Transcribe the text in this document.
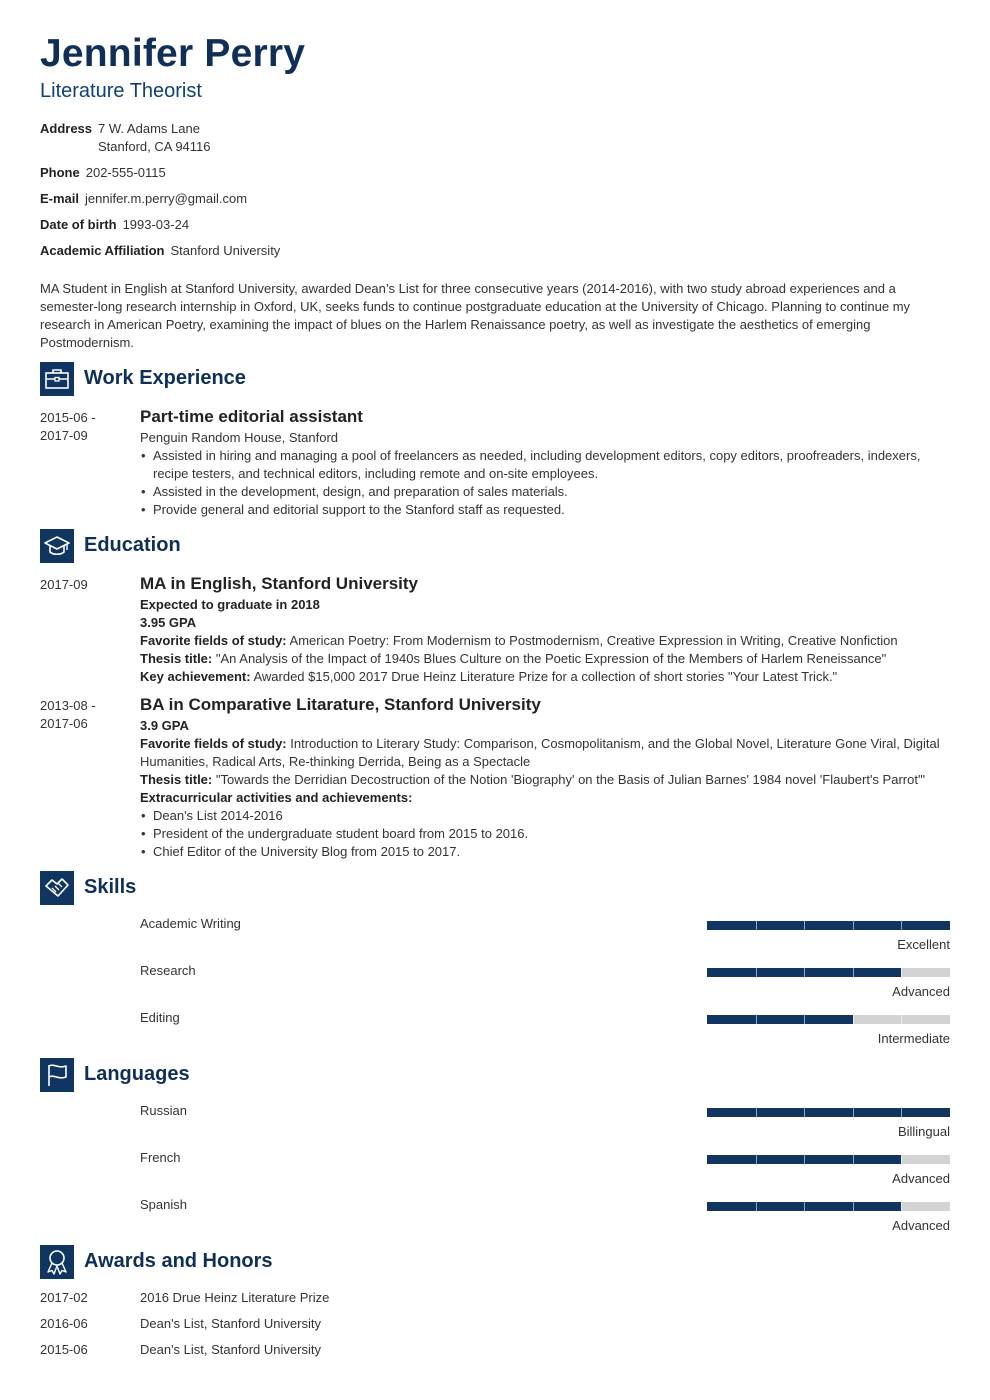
Jennifer Perry
Literature Theorist
Address 7 W. Adams Lane
Stanford, CA 94116
Phone 202-555-0115
E-mail jennifer.m.perry@gmail.com
Date of birth 1993-03-24
Academic Affiliation Stanford University
MA Student in English at Stanford University, awarded Dean’s List for three consecutive years (2014-2016), with two study abroad experiences and a semester-long research internship in Oxford, UK, seeks funds to continue postgraduate education at the University of Chicago. Planning to continue my research in American Poetry, examining the impact of blues on the Harlem Renaissance poetry, as well as investigate the aesthetics of emerging Postmodernism.
Work Experience
2015-06 -
2017-09
Part-time editorial assistant
Penguin Random House, Stanford
• Assisted in hiring and managing a pool of freelancers as needed, including development editors, copy editors, proofreaders, indexers, recipe testers, and technical editors, including remote and on-site employees.
• Assisted in the development, design, and preparation of sales materials.
• Provide general and editorial support to the Stanford staff as requested.
Education
2017-09	MA in English, Stanford University
Expected to graduate in 2018
3.95 GPA
Favorite fields of study: American Poetry: From Modernism to Postmodernism, Creative Expression in Writing, Creative Nonfiction
Thesis title: "An Analysis of the Impact of 1940s Blues Culture on the Poetic Expression of the Members of Harlem Reneissance"
Key achievement: Awarded $15,000 2017 Drue Heinz Literature Prize for a collection of short stories "Your Latest Trick."
2013-08 -
2017-06
BA in Comparative Litarature, Stanford University
3.9 GPA
Favorite fields of study: Introduction to Literary Study: Comparison, Cosmopolitanism, and the Global Novel, Literature Gone Viral, Digital Humanities, Radical Arts, Re-thinking Derrida, Being as a Spectacle
Thesis title: "Towards the Derridian Decostruction of the Notion 'Biography' on the Basis of Julian Barnes' 1984 novel 'Flaubert's Parrot'"
Extracurricular activities and achievements:
• Dean's List 2014-2016
• President of the undergraduate student board from 2015 to 2016.
• Chief Editor of the University Blog from 2015 to 2017.
Skills
Academic Writing
Excellent
Research
Advanced
Editing
Intermediate
Languages
Russian
Billingual
French
Advanced
Spanish
Advanced
Awards and Honors
2017-02	2016 Drue Heinz Literature Prize
2016-06	Dean's List, Stanford University
2015-06	Dean's List, Stanford University
